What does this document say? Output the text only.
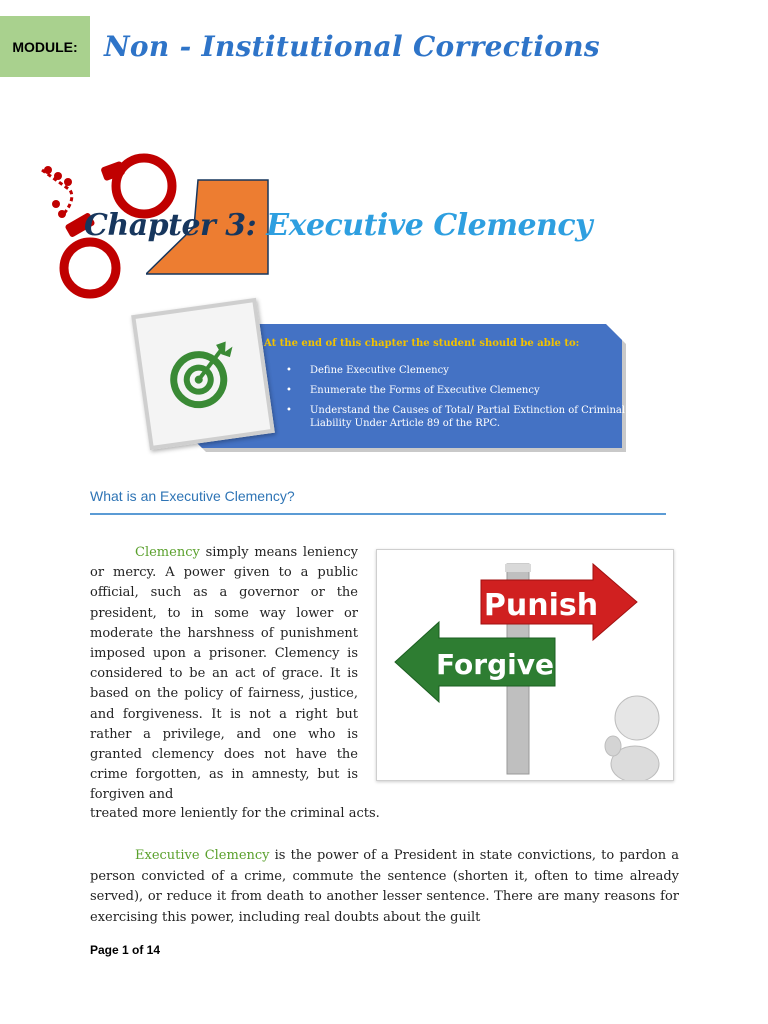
MODULE: Non - Institutional Corrections
Chapter 3: Executive Clemency
At the end of this chapter the student should be able to:
• Define Executive Clemency
• Enumerate the Forms of Executive Clemency
• Understand the Causes of Total/ Partial Extinction of Criminal Liability Under Article 89 of the RPC.
What is an Executive Clemency?

Clemency simply means leniency or mercy. A power given to a public official, such as a governor or the president, to in some way lower or moderate the harshness of punishment imposed upon a prisoner. Clemency is considered to be an act of grace. It is based on the policy of fairness, justice, and forgiveness. It is not a right but rather a privilege, and one who is granted clemency does not have the crime forgotten, as in amnesty, but is forgiven and

treated more leniently for the criminal acts.
Punish
Forgive

Executive Clemency is the power of a President in state convictions, to pardon a person convicted of a crime, commute the sentence (shorten it, often to time already served), or reduce it from death to another lesser sentence. There are many reasons for exercising this power, including real doubts about the guilt

Page 1 of 14
